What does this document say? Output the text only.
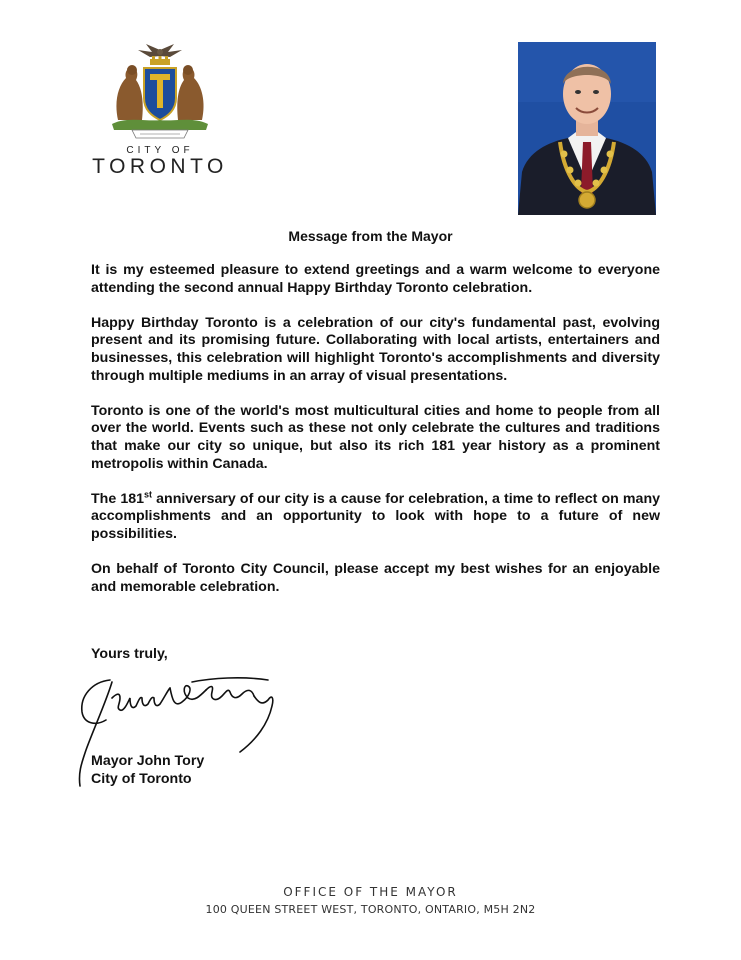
CITY OF
TORONTO
Message from the Mayor

It is my esteemed pleasure to extend greetings and a warm welcome to everyone attending the second annual Happy Birthday Toronto celebration.

Happy Birthday Toronto is a celebration of our city's fundamental past, evolving present and its promising future. Collaborating with local artists, entertainers and businesses, this celebration will highlight Toronto's accomplishments and diversity through multiple mediums in an array of visual presentations.

Toronto is one of the world's most multicultural cities and home to people from all over the world. Events such as these not only celebrate the cultures and traditions that make our city so unique, but also its rich 181 year history as a prominent metropolis within Canada.

The 181st anniversary of our city is a cause for celebration, a time to reflect on many accomplishments and an opportunity to look with hope to a future of new possibilities.

On behalf of Toronto City Council, please accept my best wishes for an enjoyable and memorable celebration.

Yours truly,
Mayor John Tory
City of Toronto
OFFICE OF THE MAYOR
100 QUEEN STREET WEST, TORONTO, ONTARIO, M5H 2N2
